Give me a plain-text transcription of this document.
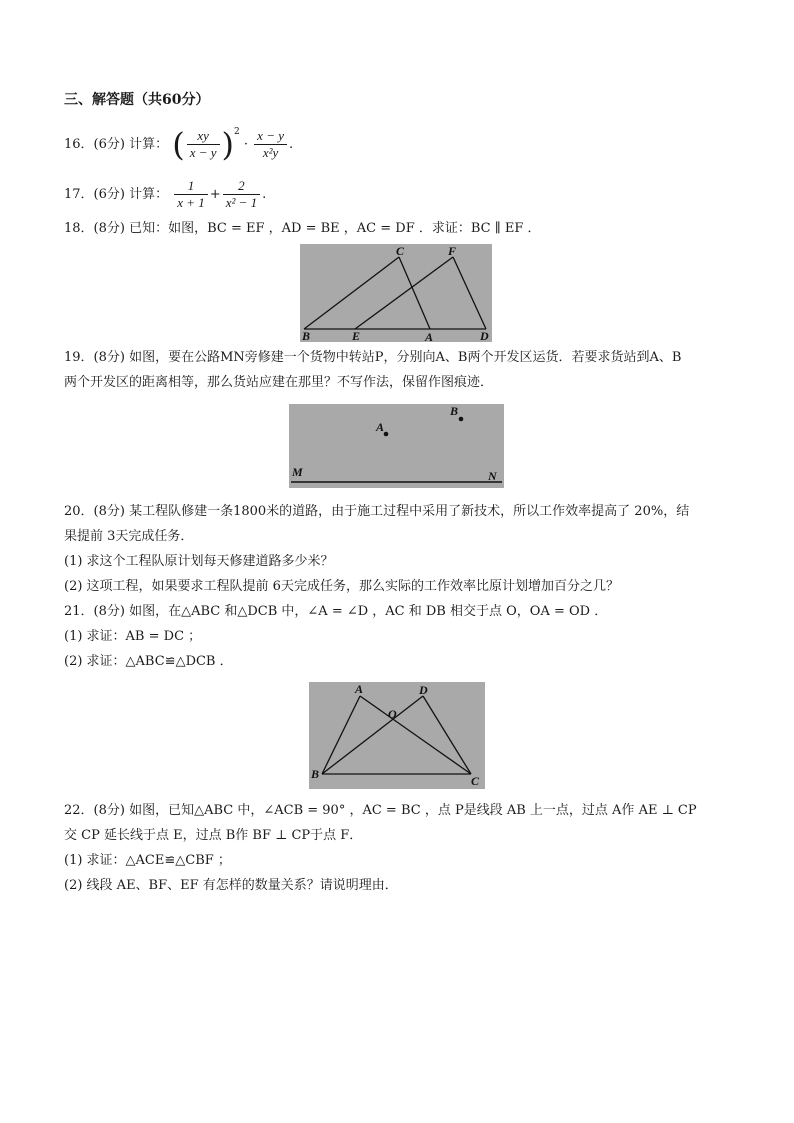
三、解答题（共60分）
16．(6分) 计算： ( $\frac{xy}{x - y} )^2 \cdot \frac{x - y}{\text{x²y}}$ .
17．(6分) 计算： $\frac{1}{x + 1} + \frac{2}{\text{x² − 1}}$ .
18．(8分) 已知：如图，BC = EF ，AD = BE ，AC = DF ．求证：BC ∥ EF ．
B	E	A	D
C	F
19．(8分) 如图，要在公路MN旁修建一个货物中转站P，分别向A、B两个开发区运货．若要求货站到A、B
两个开发区的距离相等，那么货站应建在那里？不写作法，保留作图痕迹．
A
B
M	N
20．(8分) 某工程队修建一条1800米的道路，由于施工过程中采用了新技术，所以工作效率提高了 20%，结
果提前 3天完成任务．
(1) 求这个工程队原计划每天修建道路多少米？
(2) 这项工程，如果要求工程队提前 6天完成任务，那么实际的工作效率比原计划增加百分之几？
21．(8分) 如图，在△ABC 和△DCB 中，∠A = ∠D ，AC 和 DB 相交于点 O，OA = OD ．
(1) 求证：AB = DC ；
(2) 求证：△ABC≌△DCB ．
A	D
O
B	C
22．(8分) 如图，已知△ABC 中，∠ACB = 90° ，AC = BC ，点 P是线段 AB 上一点，过点 A作 AE ⊥ CP
交 CP 延长线于点 E，过点 B作 BF ⊥ CP于点 F．
(1) 求证：△ACE≌△CBF ；
(2) 线段 AE、BF、EF 有怎样的数量关系？请说明理由．
